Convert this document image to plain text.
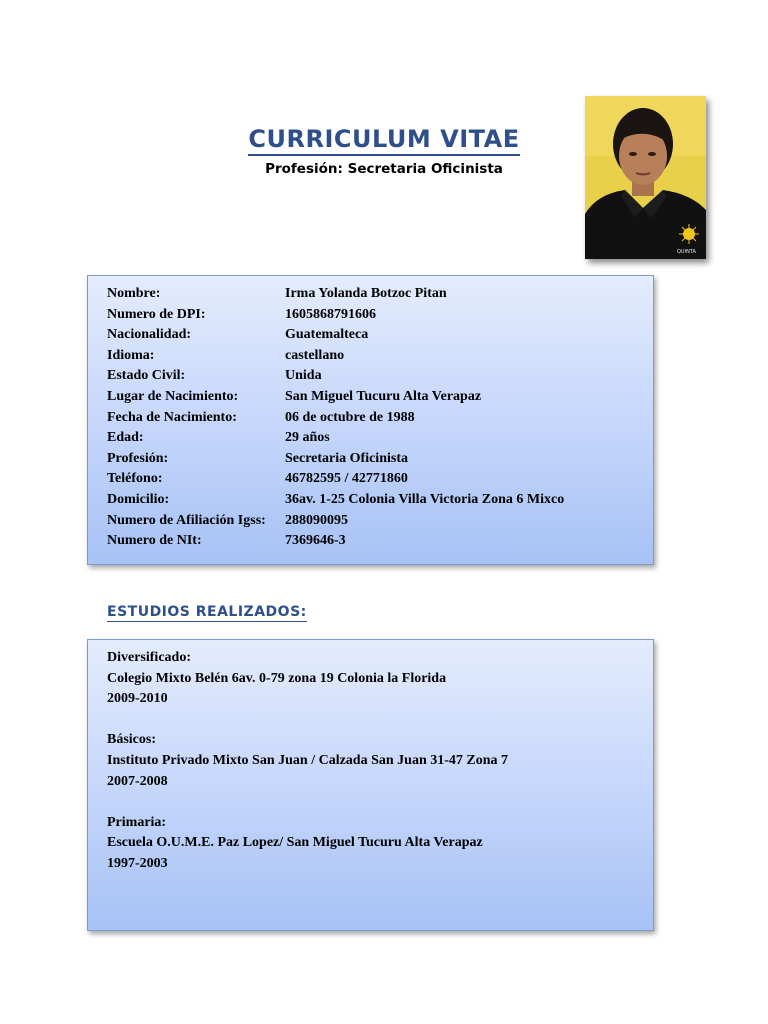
CURRICULUM VITAE
Profesión: Secretaria Oficinista
QUINTA
Nombre:	Irma Yolanda Botzoc Pitan
Numero de DPI:	1605868791606
Nacionalidad:	Guatemalteca
Idioma:	castellano
Estado Civil:	Unida
Lugar de Nacimiento:	San Miguel Tucuru Alta Verapaz
Fecha de Nacimiento:	06 de octubre de 1988
Edad:	29 años
Profesión:	Secretaria Oficinista
Teléfono:	46782595 / 42771860
Domicilio:	36av. 1-25 Colonia Villa Victoria Zona 6 Mixco
Numero de Afiliación Igss:	288090095
Numero de NIt:	7369646-3
ESTUDIOS REALIZADOS:
Diversificado:
Colegio Mixto Belén 6av. 0-79 zona 19 Colonia la Florida
2009-2010
Básicos:
Instituto Privado Mixto San Juan / Calzada San Juan 31-47 Zona 7
2007-2008
Primaria:
Escuela O.U.M.E. Paz Lopez/ San Miguel Tucuru Alta Verapaz
1997-2003
